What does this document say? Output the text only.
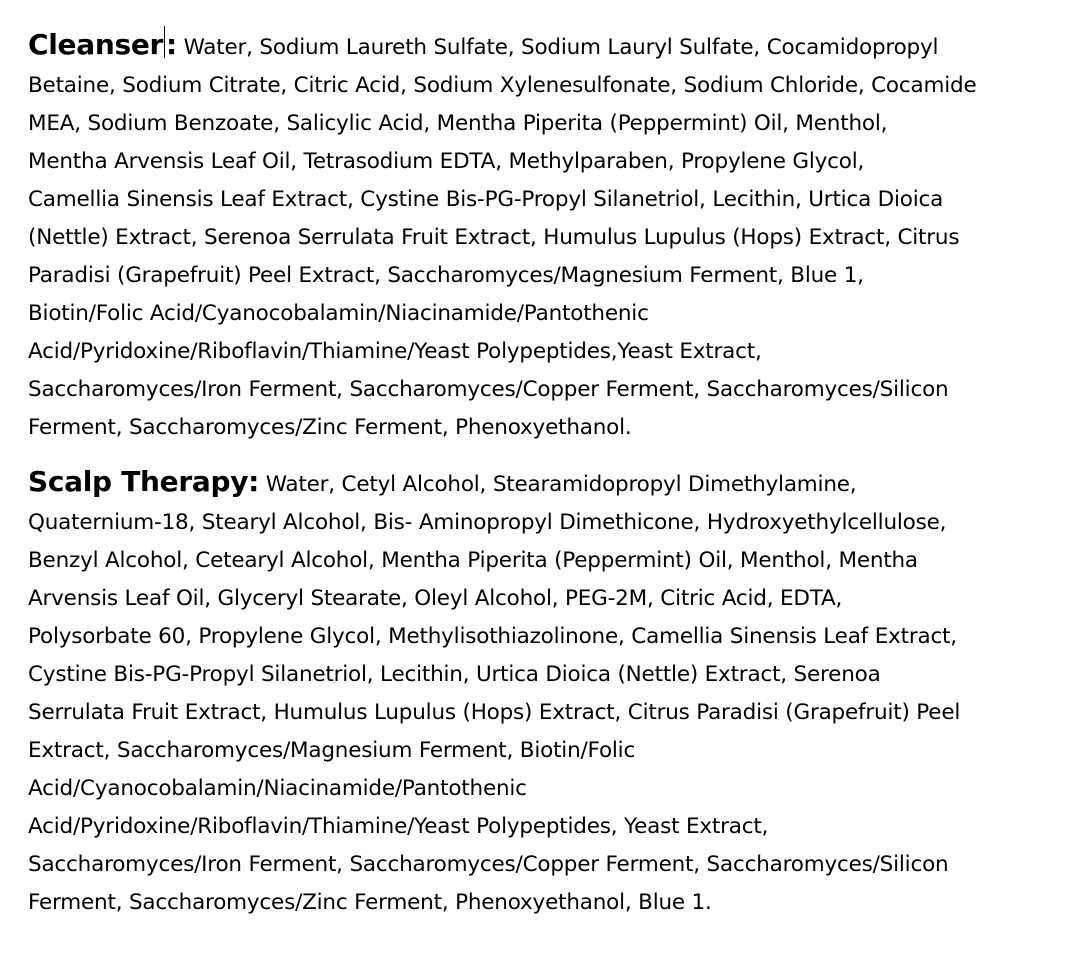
Cleanser : Water, Sodium Laureth Sulfate, Sodium Lauryl Sulfate, Cocamidopropyl
Betaine, Sodium Citrate, Citric Acid, Sodium Xylenesulfonate, Sodium Chloride, Cocamide
MEA, Sodium Benzoate, Salicylic Acid, Mentha Piperita (Peppermint) Oil, Menthol,
Mentha Arvensis Leaf Oil, Tetrasodium EDTA, Methylparaben, Propylene Glycol,
Camellia Sinensis Leaf Extract, Cystine Bis-PG-Propyl Silanetriol, Lecithin, Urtica Dioica
(Nettle) Extract, Serenoa Serrulata Fruit Extract, Humulus Lupulus (Hops) Extract, Citrus
Paradisi (Grapefruit) Peel Extract, Saccharomyces/Magnesium Ferment, Blue 1,
Biotin/Folic Acid/Cyanocobalamin/Niacinamide/Pantothenic
Acid/Pyridoxine/Riboflavin/Thiamine/Yeast Polypeptides,Yeast Extract,
Saccharomyces/Iron Ferment, Saccharomyces/Copper Ferment, Saccharomyces/Silicon
Ferment, Saccharomyces/Zinc Ferment, Phenoxyethanol.

Scalp Therapy: Water, Cetyl Alcohol, Stearamidopropyl Dimethylamine,
Quaternium-18, Stearyl Alcohol, Bis- Aminopropyl Dimethicone, Hydroxyethylcellulose,
Benzyl Alcohol, Cetearyl Alcohol, Mentha Piperita (Peppermint) Oil, Menthol, Mentha
Arvensis Leaf Oil, Glyceryl Stearate, Oleyl Alcohol, PEG-2M, Citric Acid, EDTA,
Polysorbate 60, Propylene Glycol, Methylisothiazolinone, Camellia Sinensis Leaf Extract,
Cystine Bis-PG-Propyl Silanetriol, Lecithin, Urtica Dioica (Nettle) Extract, Serenoa
Serrulata Fruit Extract, Humulus Lupulus (Hops) Extract, Citrus Paradisi (Grapefruit) Peel
Extract, Saccharomyces/Magnesium Ferment, Biotin/Folic
Acid/Cyanocobalamin/Niacinamide/Pantothenic
Acid/Pyridoxine/Riboflavin/Thiamine/Yeast Polypeptides, Yeast Extract,
Saccharomyces/Iron Ferment, Saccharomyces/Copper Ferment, Saccharomyces/Silicon
Ferment, Saccharomyces/Zinc Ferment, Phenoxyethanol, Blue 1.
